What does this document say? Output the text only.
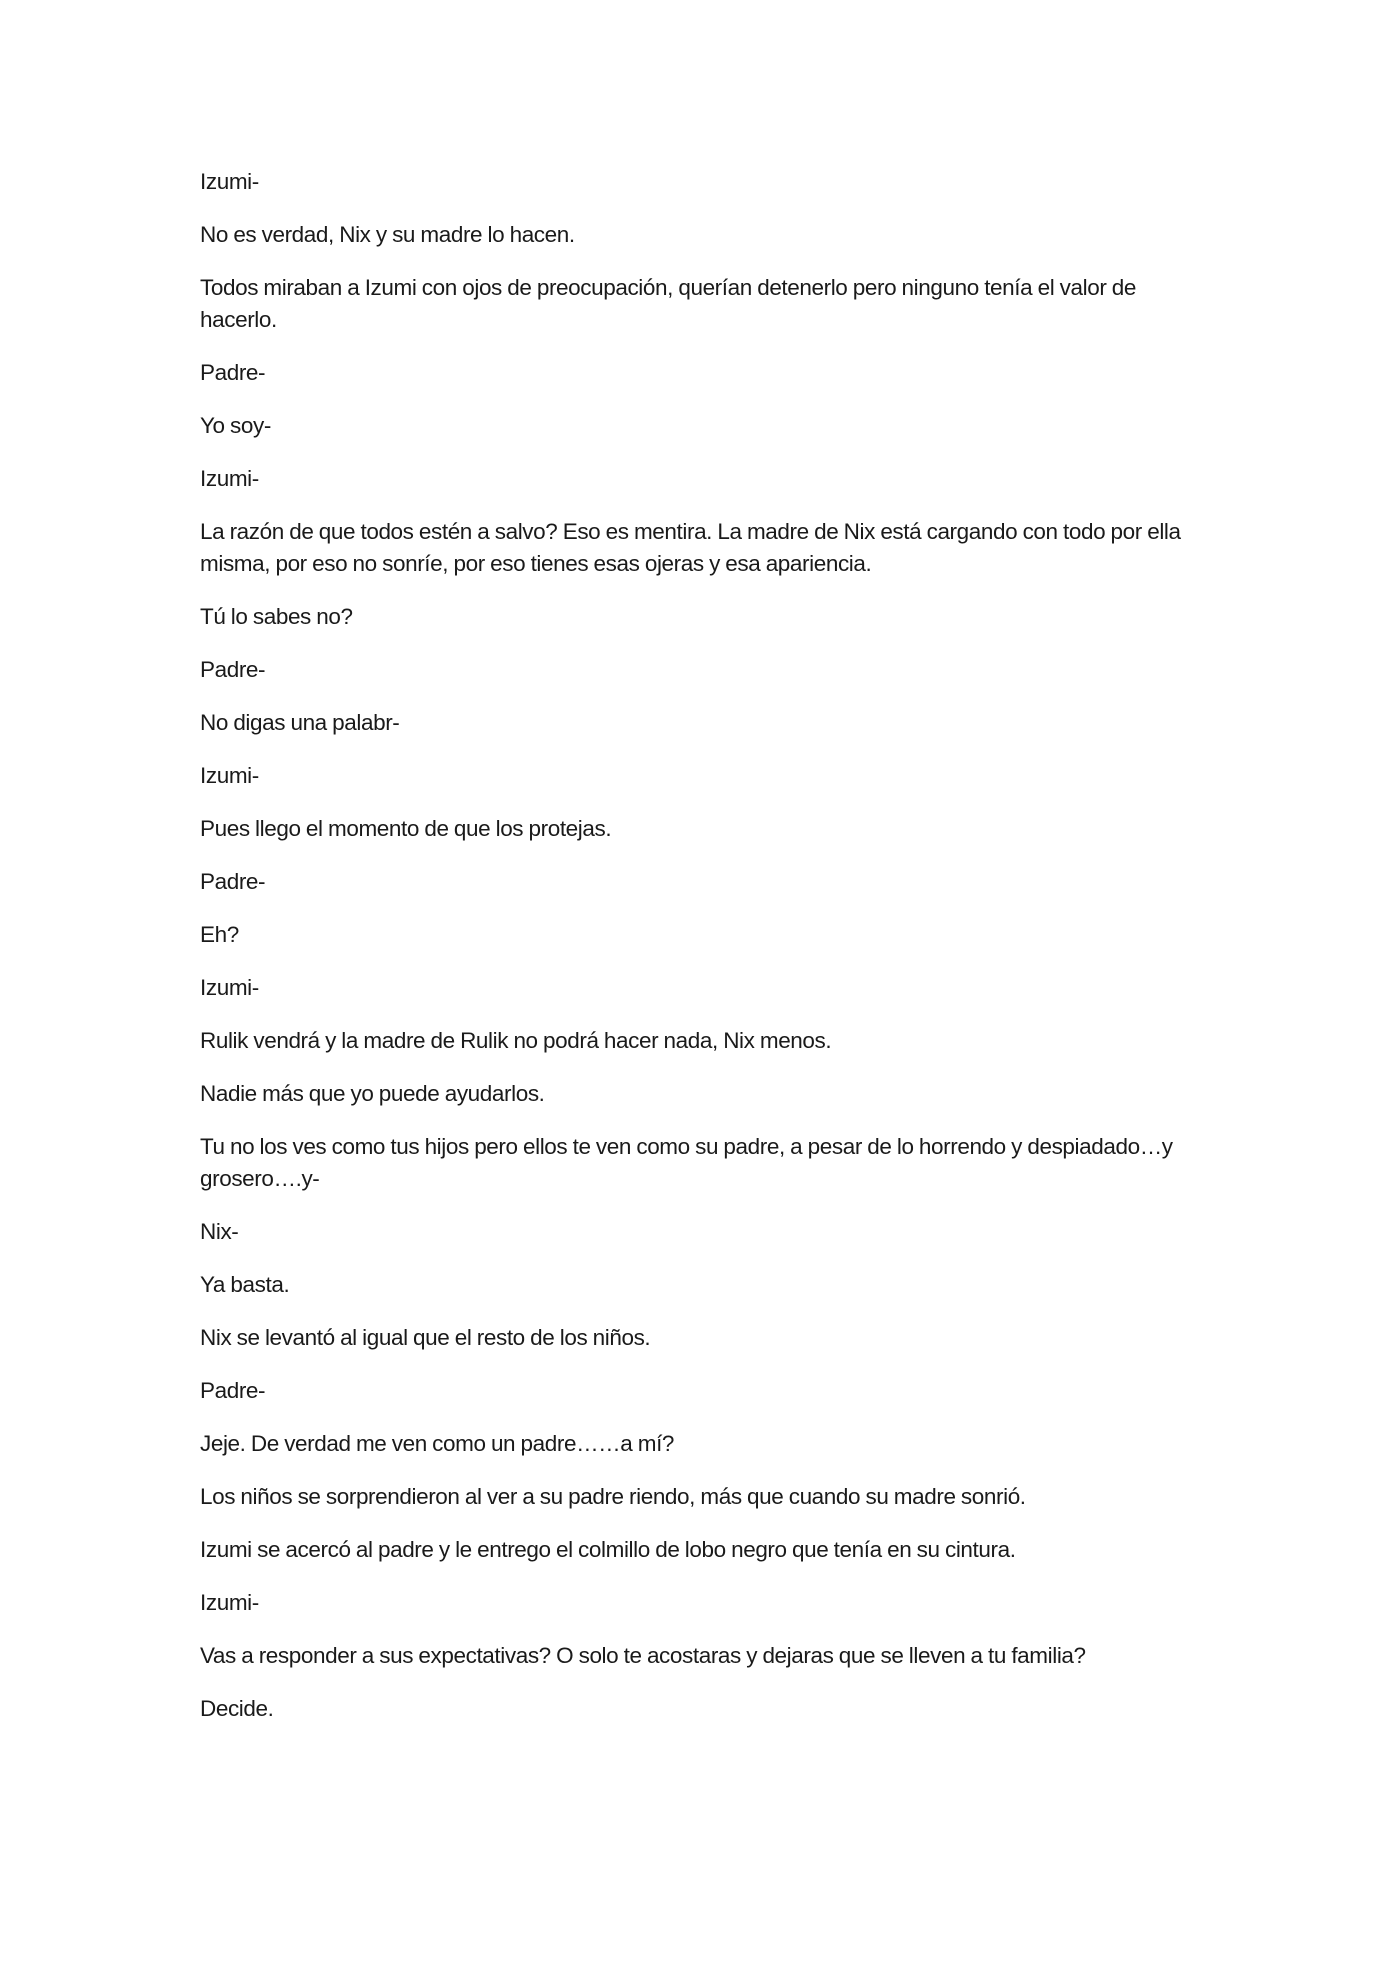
Izumi-

No es verdad, Nix y su madre lo hacen.

Todos miraban a Izumi con ojos de preocupación, querían detenerlo pero ninguno tenía el valor de hacerlo.

Padre-

Yo soy-

Izumi-

La razón de que todos estén a salvo? Eso es mentira. La madre de Nix está cargando con todo por ella misma, por eso no sonríe, por eso tienes esas ojeras y esa apariencia.

Tú lo sabes no?

Padre-

No digas una palabr-

Izumi-

Pues llego el momento de que los protejas.

Padre-

Eh?

Izumi-

Rulik vendrá y la madre de Rulik no podrá hacer nada, Nix menos.

Nadie más que yo puede ayudarlos.

Tu no los ves como tus hijos pero ellos te ven como su padre, a pesar de lo horrendo y despiadado…y grosero….y-

Nix-

Ya basta.

Nix se levantó al igual que el resto de los niños.

Padre-

Jeje. De verdad me ven como un padre……a mí?

Los niños se sorprendieron al ver a su padre riendo, más que cuando su madre sonrió.

Izumi se acercó al padre y le entrego el colmillo de lobo negro que tenía en su cintura.

Izumi-

Vas a responder a sus expectativas? O solo te acostaras y dejaras que se lleven a tu familia?

Decide.
